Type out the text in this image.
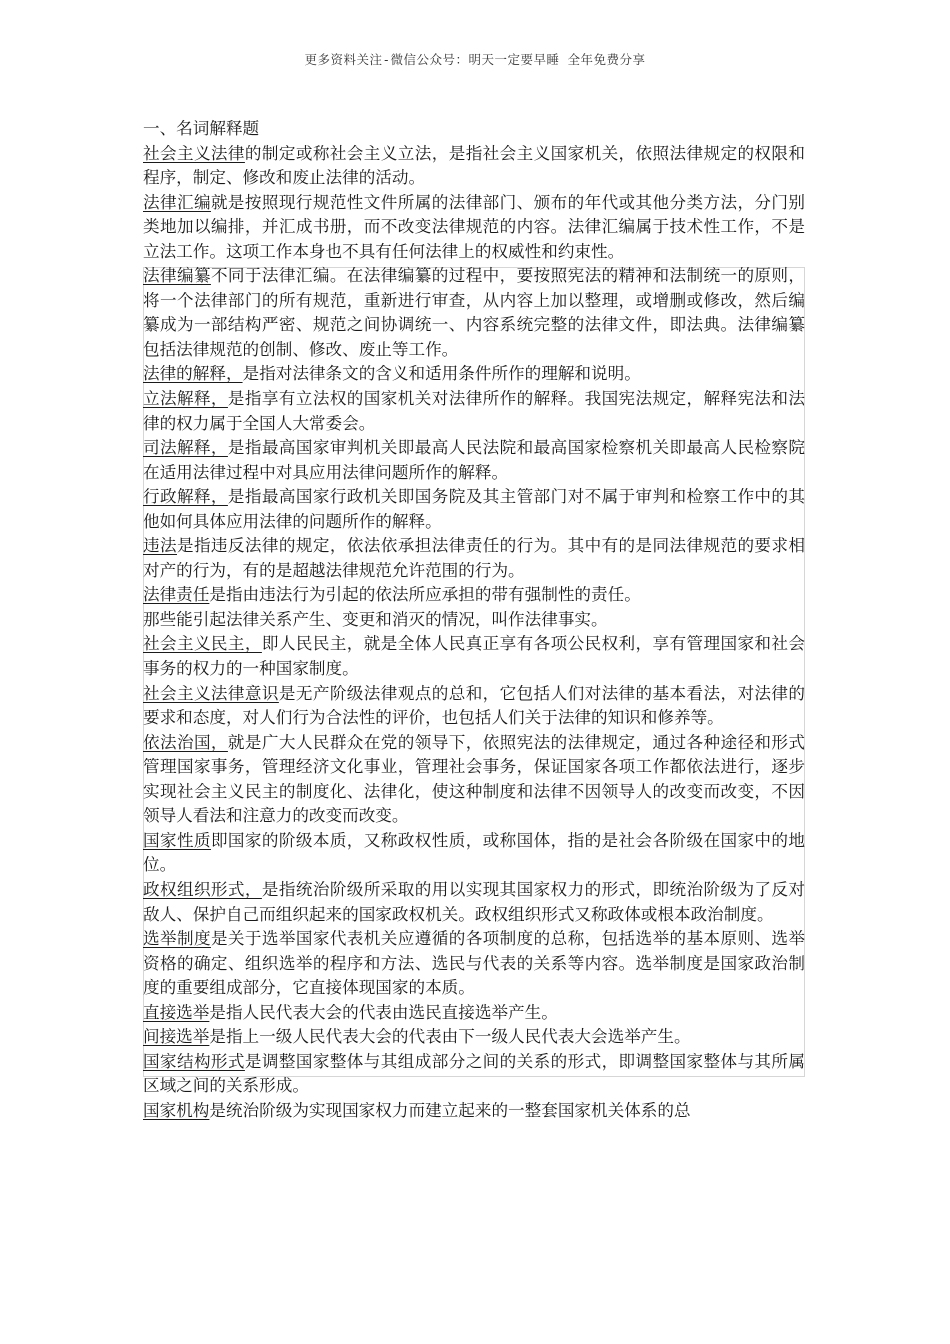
更多资料关注-微信公众号：明天一定要早睡 全年免费分享

一、名词解释题

社会主义法律的制定或称社会主义立法，是指社会主义国家机关，依照法律规定的权限和程序，制定、修改和废止法律的活动。

法律汇编就是按照现行规范性文件所属的法律部门、颁布的年代或其他分类方法，分门别类地加以编排，并汇成书册，而不改变法律规范的内容。法律汇编属于技术性工作，不是立法工作。这项工作本身也不具有任何法律上的权威性和约束性。

法律编纂不同于法律汇编。在法律编纂的过程中，要按照宪法的精神和法制统一的原则，将一个法律部门的所有规范，重新进行审查，从内容上加以整理，或增删或修改，然后编纂成为一部结构严密、规范之间协调统一、内容系统完整的法律文件，即法典。法律编纂包括法律规范的创制、修改、废止等工作。

法律的解释，是指对法律条文的含义和适用条件所作的理解和说明。

立法解释，是指享有立法权的国家机关对法律所作的解释。我国宪法规定，解释宪法和法律的权力属于全国人大常委会。

司法解释，是指最高国家审判机关即最高人民法院和最高国家检察机关即最高人民检察院在适用法律过程中对具应用法律问题所作的解释。

行政解释，是指最高国家行政机关即国务院及其主管部门对不属于审判和检察工作中的其他如何具体应用法律的问题所作的解释。

违法是指违反法律的规定，依法依承担法律责任的行为。其中有的是同法律规范的要求相对产的行为，有的是超越法律规范允许范围的行为。

法律责任是指由违法行为引起的依法所应承担的带有强制性的责任。

那些能引起法律关系产生、变更和消灭的情况，叫作法律事实。

社会主义民主，即人民民主，就是全体人民真正享有各项公民权利，享有管理国家和社会事务的权力的一种国家制度。

社会主义法律意识是无产阶级法律观点的总和，它包括人们对法律的基本看法，对法律的要求和态度，对人们行为合法性的评价，也包括人们关于法律的知识和修养等。

依法治国，就是广大人民群众在党的领导下，依照宪法的法律规定，通过各种途径和形式管理国家事务，管理经济文化事业，管理社会事务，保证国家各项工作都依法进行，逐步实现社会主义民主的制度化、法律化，使这种制度和法律不因领导人的改变而改变，不因领导人看法和注意力的改变而改变。

国家性质即国家的阶级本质，又称政权性质，或称国体，指的是社会各阶级在国家中的地位。

政权组织形式，是指统治阶级所采取的用以实现其国家权力的形式，即统治阶级为了反对敌人、保护自己而组织起来的国家政权机关。政权组织形式又称政体或根本政治制度。

选举制度是关于选举国家代表机关应遵循的各项制度的总称，包括选举的基本原则、选举资格的确定、组织选举的程序和方法、选民与代表的关系等内容。选举制度是国家政治制度的重要组成部分，它直接体现国家的本质。

直接选举是指人民代表大会的代表由选民直接选举产生。

间接选举是指上一级人民代表大会的代表由下一级人民代表大会选举产生。

国家结构形式是调整国家整体与其组成部分之间的关系的形式，即调整国家整体与其所属区域之间的关系形成。

国家机构是统治阶级为实现国家权力而建立起来的一整套国家机关体系的总
